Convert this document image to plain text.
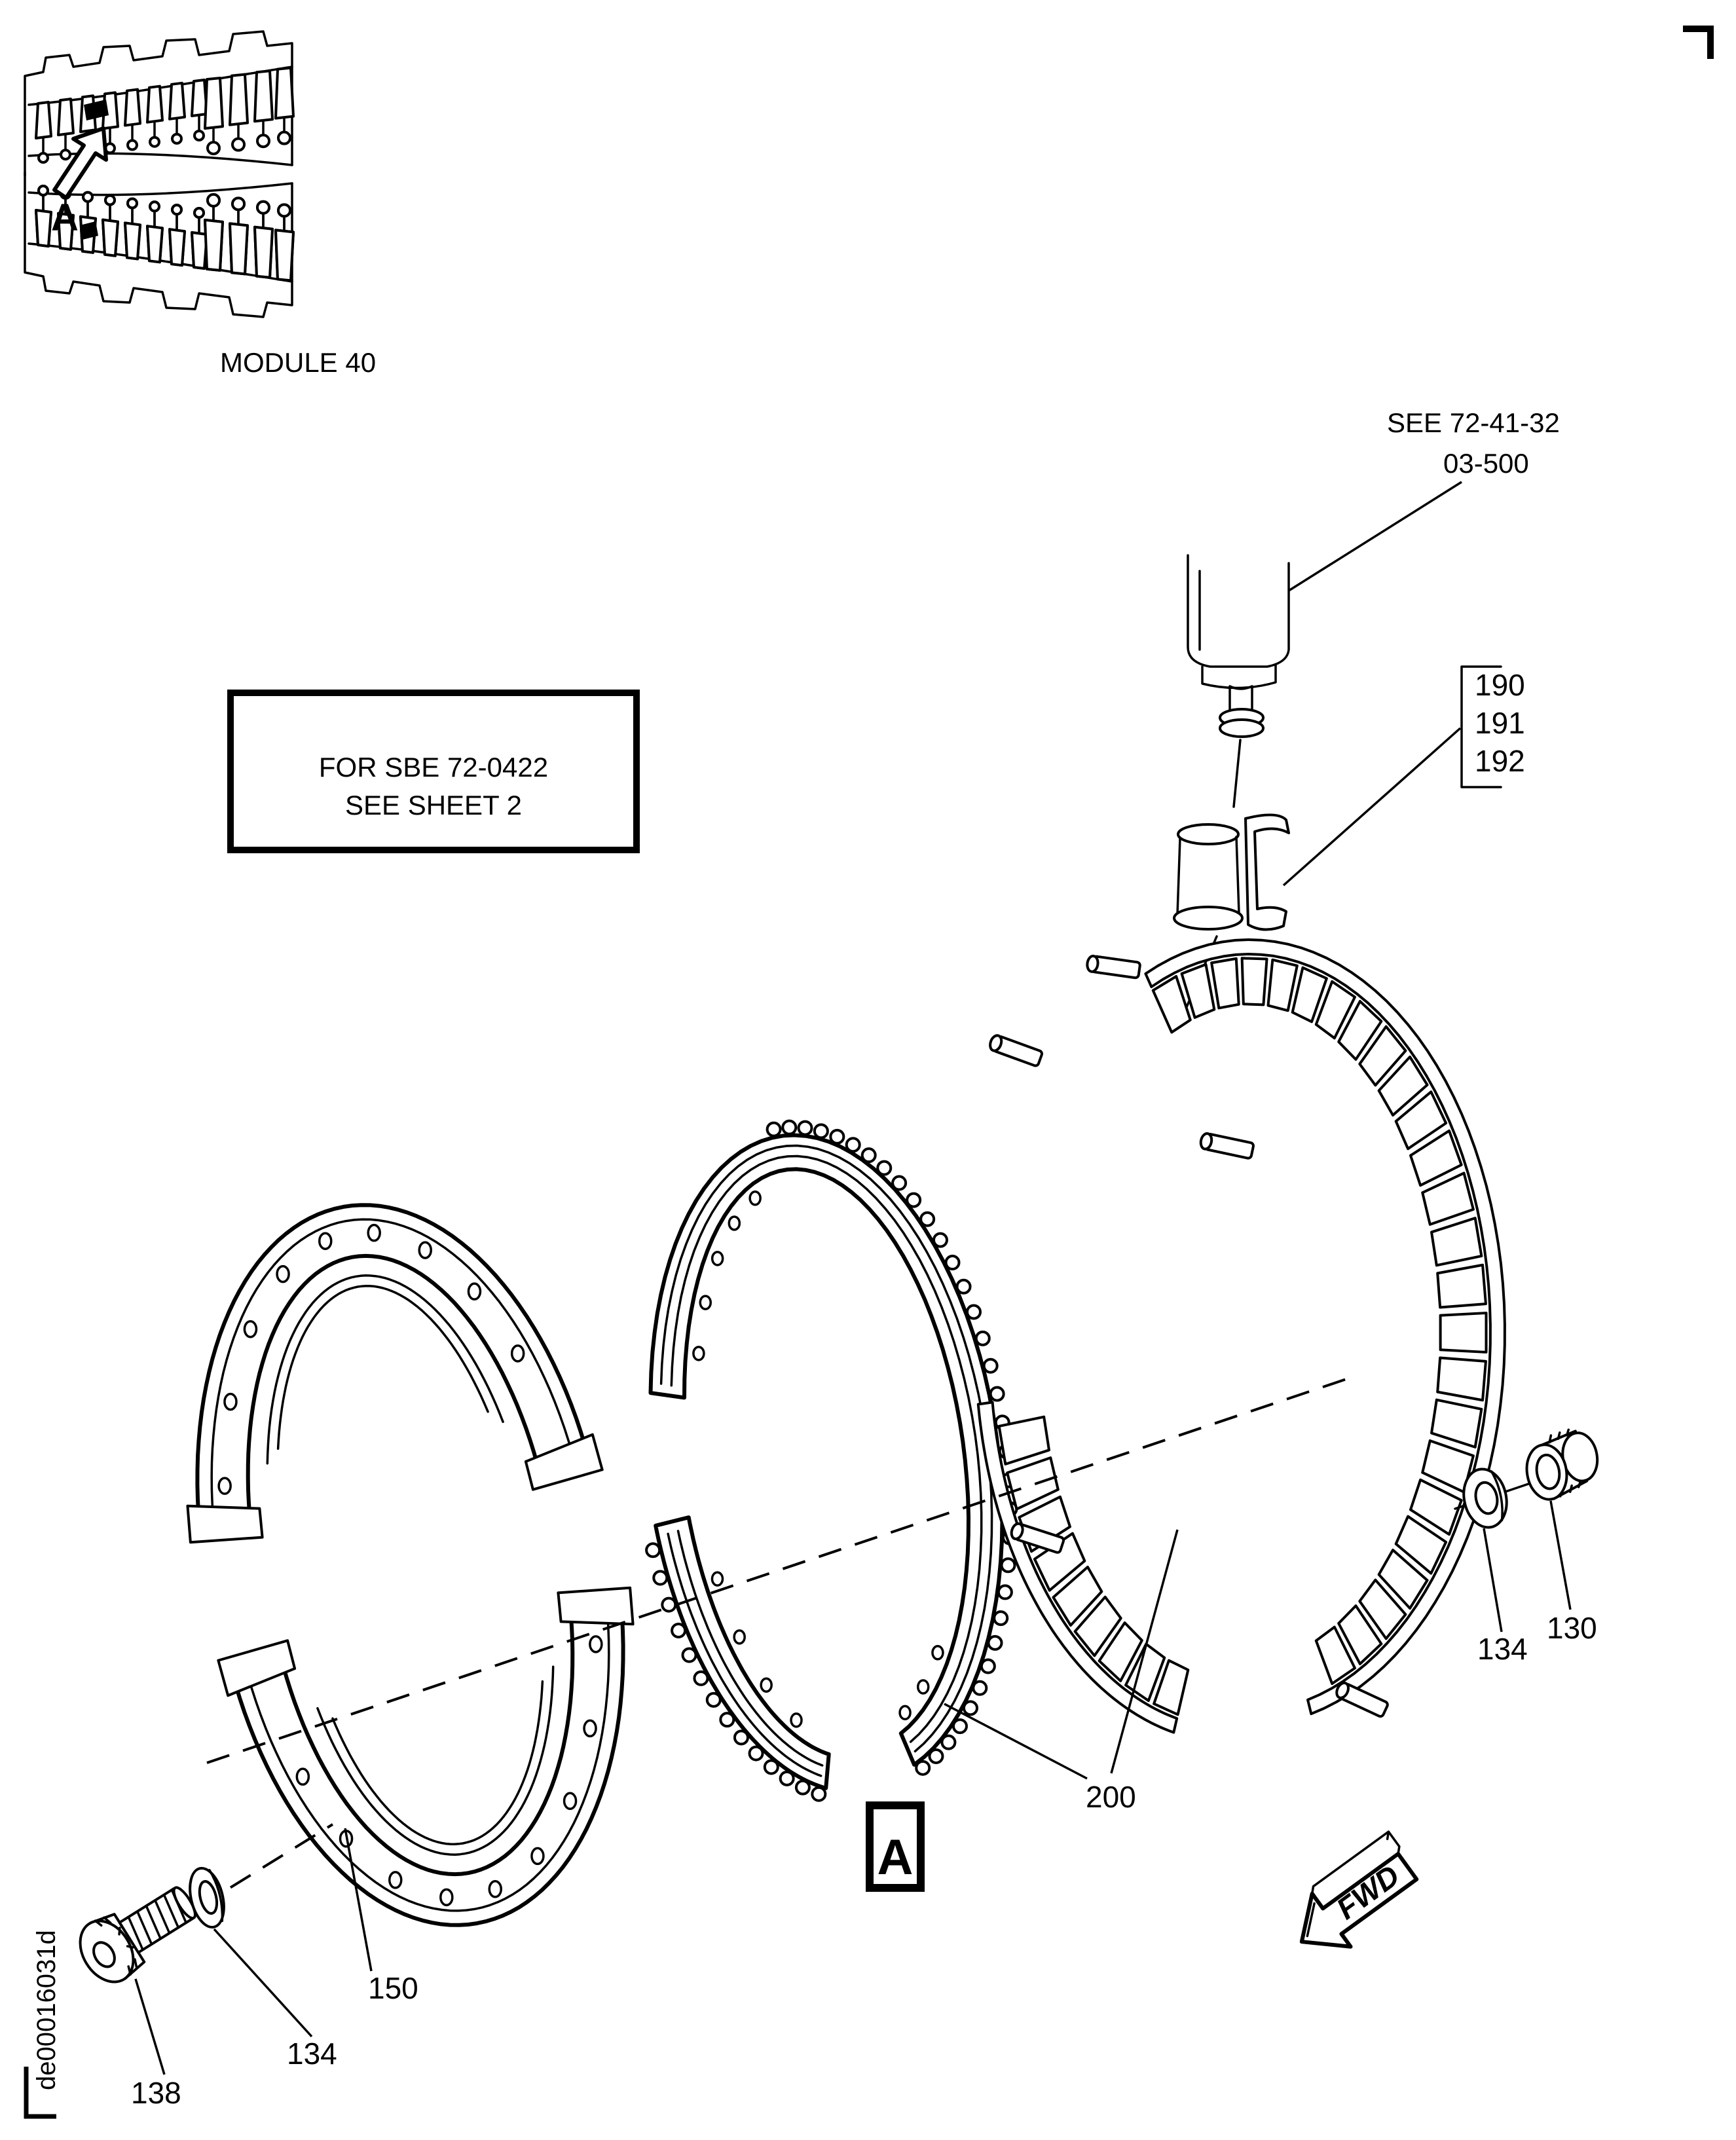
de00016031d
A
MODULE 40
SEE 72-41-32
03-500
FOR SBE 72-0422
SEE SHEET 2
190
191
192
150
138
134
200
134
130
A
FWD
